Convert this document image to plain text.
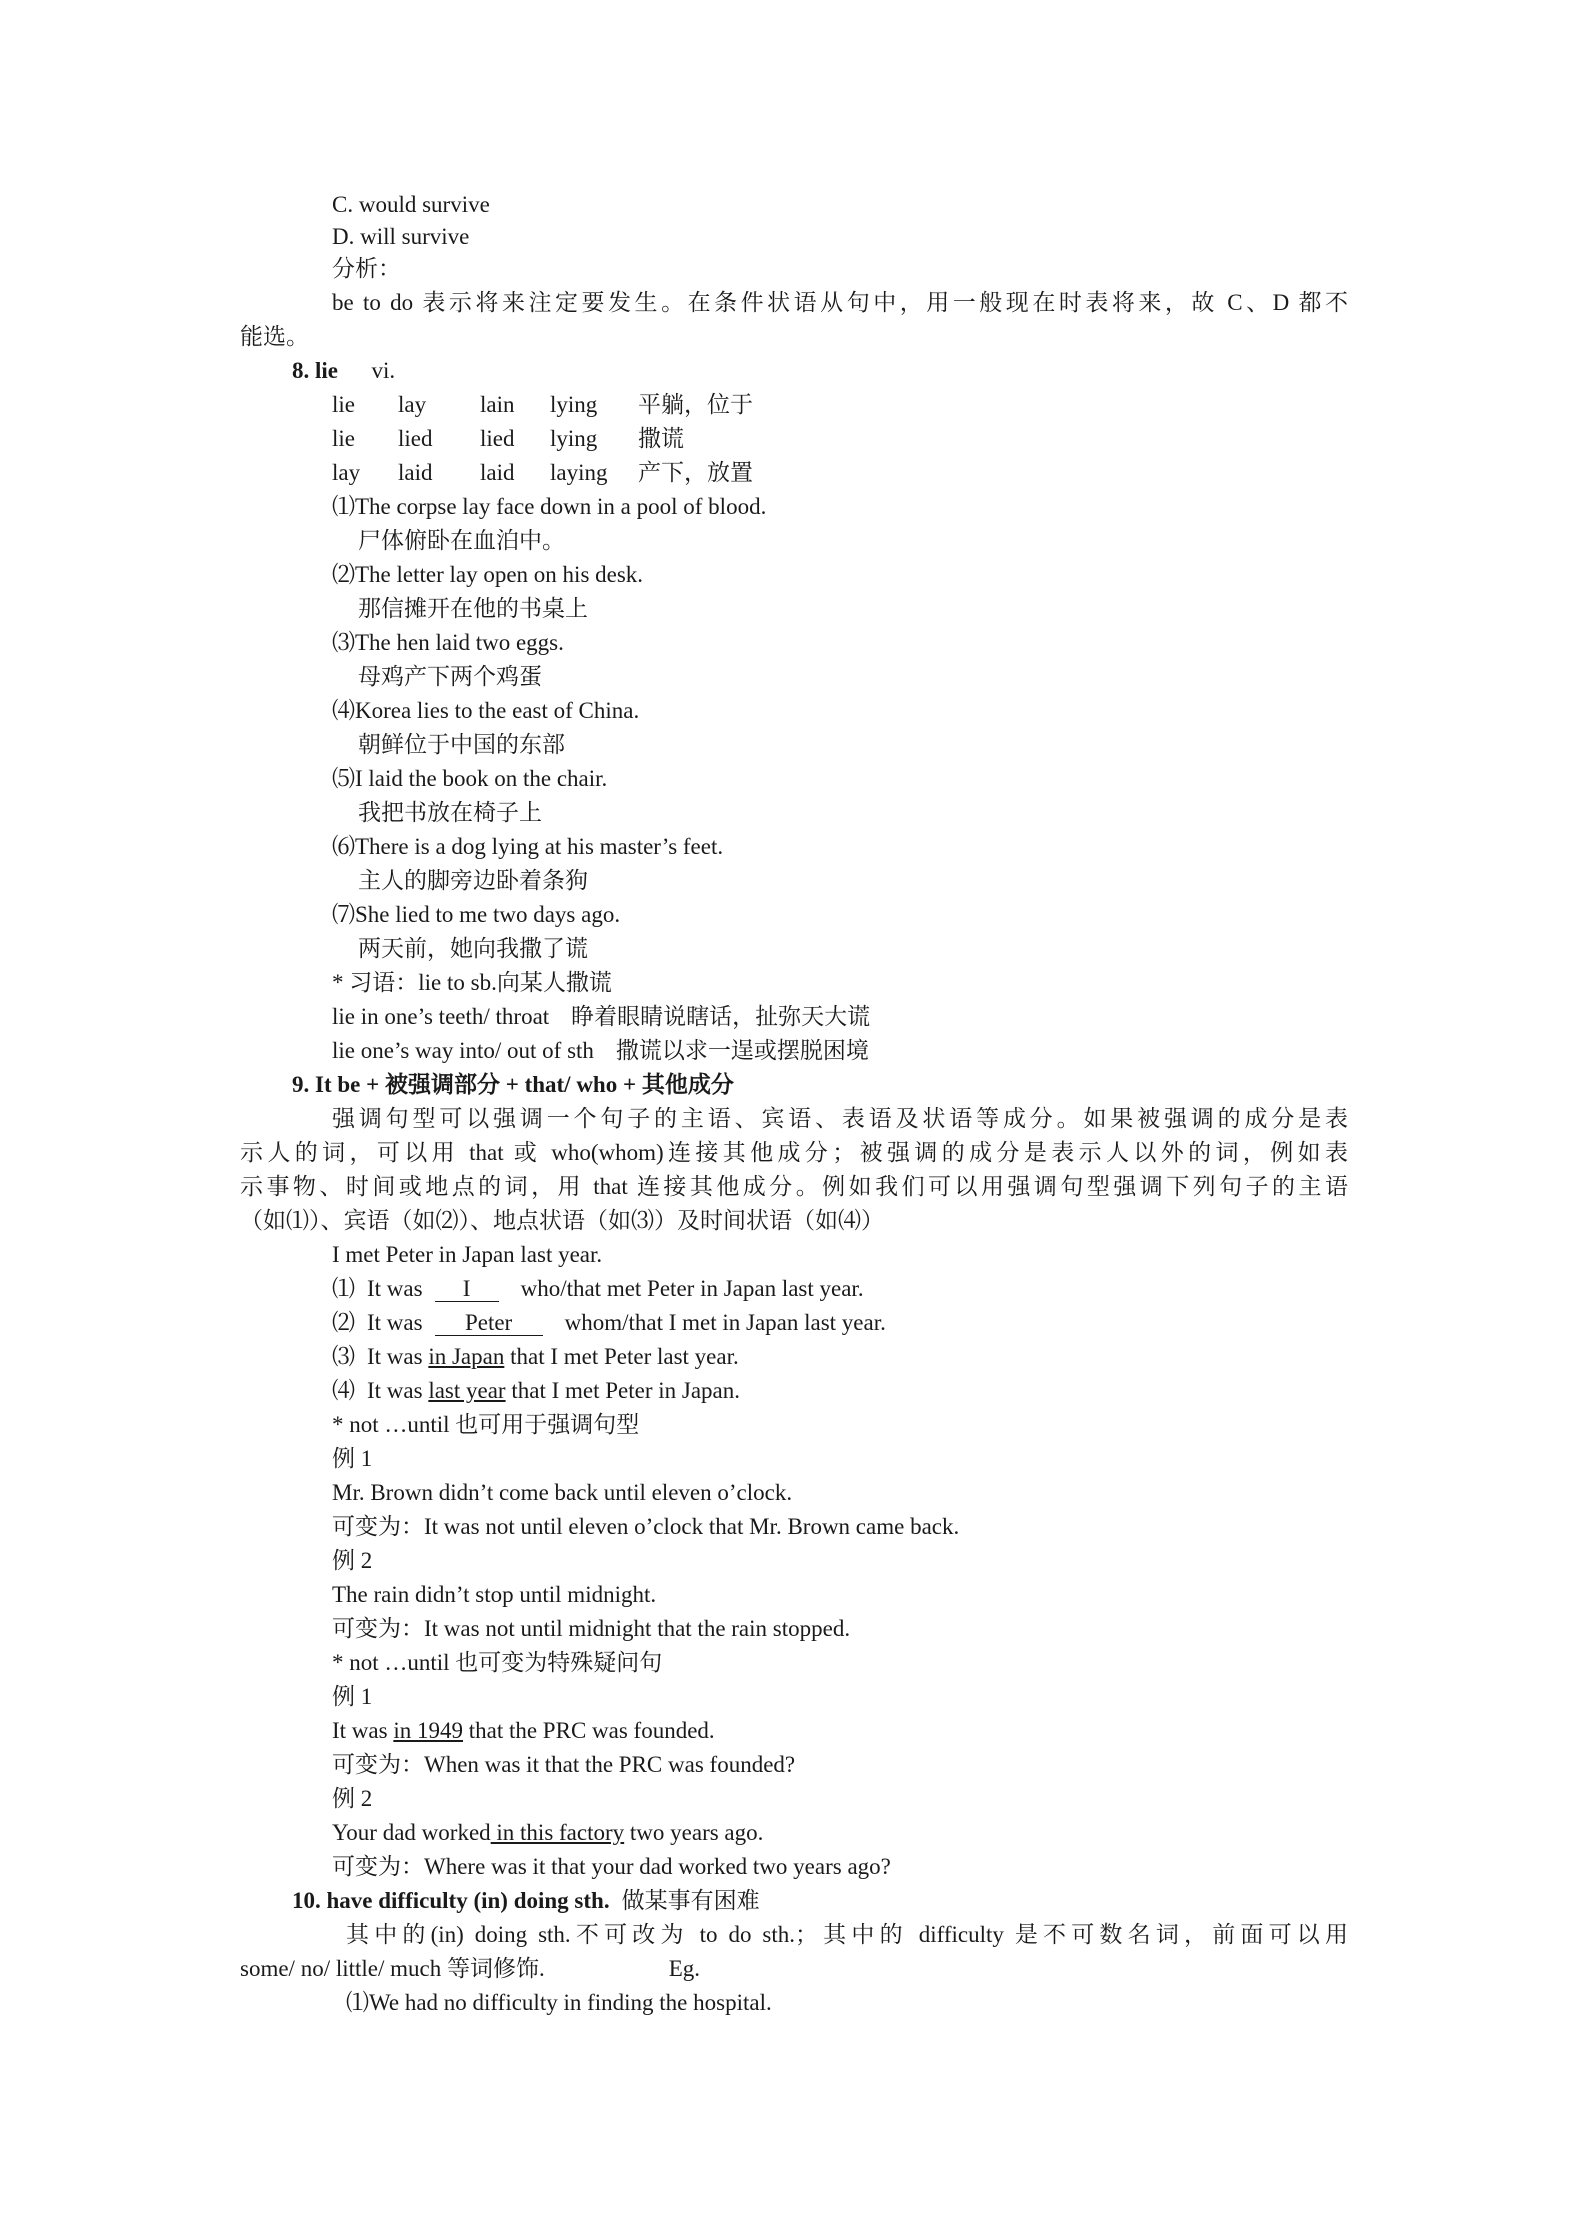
C. would survive
D. will survive
分析：
be to do 表示将来注定要发生。在条件状语从句中，用一般现在时表将来，故 C、D 都不
能选。
8. lie vi.
lie lay lain lying 平躺，位于
lie lied lied lying 撒谎
lay laid laid laying 产下，放置
⑴The corpse lay face down in a pool of blood.
尸体俯卧在血泊中。
⑵The letter lay open on his desk.
那信摊开在他的书桌上
⑶The hen laid two eggs.
母鸡产下两个鸡蛋
⑷Korea lies to the east of China.
朝鲜位于中国的东部
⑸I laid the book on the chair.
我把书放在椅子上
⑹There is a dog lying at his master’s feet.
主人的脚旁边卧着条狗
⑺She lied to me two days ago.
两天前，她向我撒了谎
* 习语：lie to sb.向某人撒谎
lie in one’s teeth/ throat 睁着眼睛说瞎话，扯弥天大谎
lie one’s way into/ out of sth 撒谎以求一逞或摆脱困境
9. It be + 被强调部分 + that/ who + 其他成分
强调句型可以强调一个句子的主语、宾语、表语及状语等成分。如果被强调的成分是表
示人的词，可以用 that 或 who(whom)连接其他成分；被强调的成分是表示人以外的词，例如表
示事物、时间或地点的词，用 that 连接其他成分。例如我们可以用强调句型强调下列句子的主语
（如⑴）、宾语（如⑵）、地点状语（如⑶）及时间状语（如⑷）
I met Peter in Japan last year.
⑴ It was I who/that met Peter in Japan last year.
⑵ It was Peter whom/that I met in Japan last year.
⑶ It was in Japan that I met Peter last year.
⑷ It was last year that I met Peter in Japan.
* not …until 也可用于强调句型
例 1
Mr. Brown didn’t come back until eleven o’clock.
可变为：It was not until eleven o’clock that Mr. Brown came back.
例 2
The rain didn’t stop until midnight.
可变为：It was not until midnight that the rain stopped.
* not …until 也可变为特殊疑问句
例 1
It was in 1949 that the PRC was founded.
可变为：When was it that the PRC was founded?
例 2
Your dad worked in this factory two years ago.
可变为：Where was it that your dad worked two years ago?
10. have difficulty (in) doing sth. 做某事有困难
其中的(in) doing sth.不可改为 to do sth.；其中的 difficulty 是不可数名词，前面可以用
some/ no/ little/ much 等词修饰.	Eg.
⑴We had no difficulty in finding the hospital.
